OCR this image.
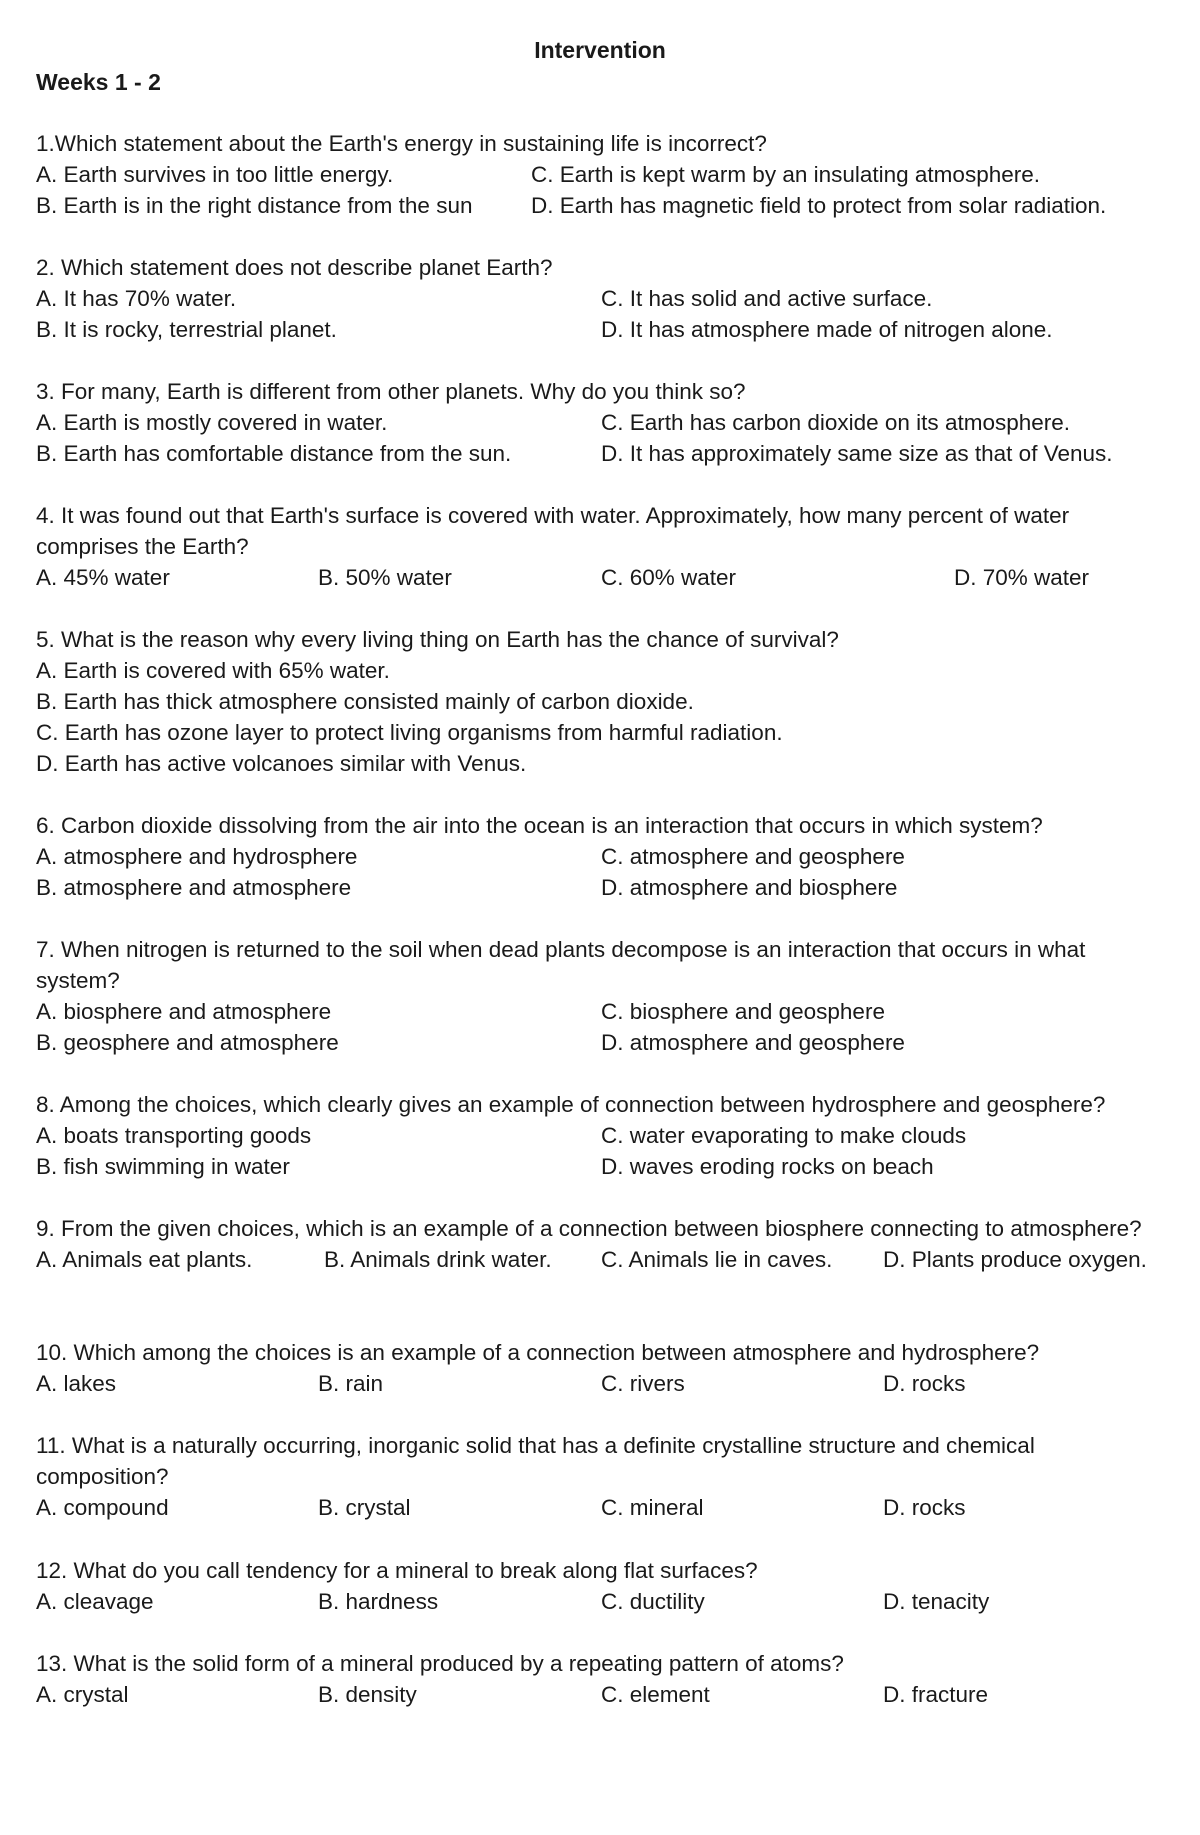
Intervention
Weeks 1 - 2
1.Which statement about the Earth's energy in sustaining life is incorrect?
A. Earth survives in too little energy.	C. Earth is kept warm by an insulating atmosphere.
B. Earth is in the right distance from the sun	D. Earth has magnetic field to protect from solar radiation.
2. Which statement does not describe planet Earth?
A. It has 70% water.	C. It has solid and active surface.
B. It is rocky, terrestrial planet.	D. It has atmosphere made of nitrogen alone.
3. For many, Earth is different from other planets. Why do you think so?
A. Earth is mostly covered in water.	C. Earth has carbon dioxide on its atmosphere.
B. Earth has comfortable distance from the sun.	D. It has approximately same size as that of Venus.
4. It was found out that Earth's surface is covered with water. Approximately, how many percent of water comprises the Earth?
A. 45% water	B. 50% water	C. 60% water	D. 70% water
5. What is the reason why every living thing on Earth has the chance of survival?
A. Earth is covered with 65% water.
B. Earth has thick atmosphere consisted mainly of carbon dioxide.
C. Earth has ozone layer to protect living organisms from harmful radiation.
D. Earth has active volcanoes similar with Venus.
6. Carbon dioxide dissolving from the air into the ocean is an interaction that occurs in which system?
A. atmosphere and hydrosphere	C. atmosphere and geosphere
B. atmosphere and atmosphere	D. atmosphere and biosphere
7. When nitrogen is returned to the soil when dead plants decompose is an interaction that occurs in what system?
A. biosphere and atmosphere	C. biosphere and geosphere
B. geosphere and atmosphere	D. atmosphere and geosphere
8. Among the choices, which clearly gives an example of connection between hydrosphere and geosphere?
A. boats transporting goods	C. water evaporating to make clouds
B. fish swimming in water	D. waves eroding rocks on beach
9. From the given choices, which is an example of a connection between biosphere connecting to atmosphere?
A. Animals eat plants.	B. Animals drink water. C. Animals lie in caves. D. Plants produce oxygen.
10. Which among the choices is an example of a connection between atmosphere and hydrosphere?
A. lakes	B. rain	C. rivers	D. rocks
11. What is a naturally occurring, inorganic solid that has a definite crystalline structure and chemical composition?
A. compound	B. crystal	C. mineral	D. rocks
12. What do you call tendency for a mineral to break along flat surfaces?
A. cleavage	B. hardness	C. ductility	D. tenacity
13. What is the solid form of a mineral produced by a repeating pattern of atoms?
A. crystal	B. density	C. element	D. fracture
